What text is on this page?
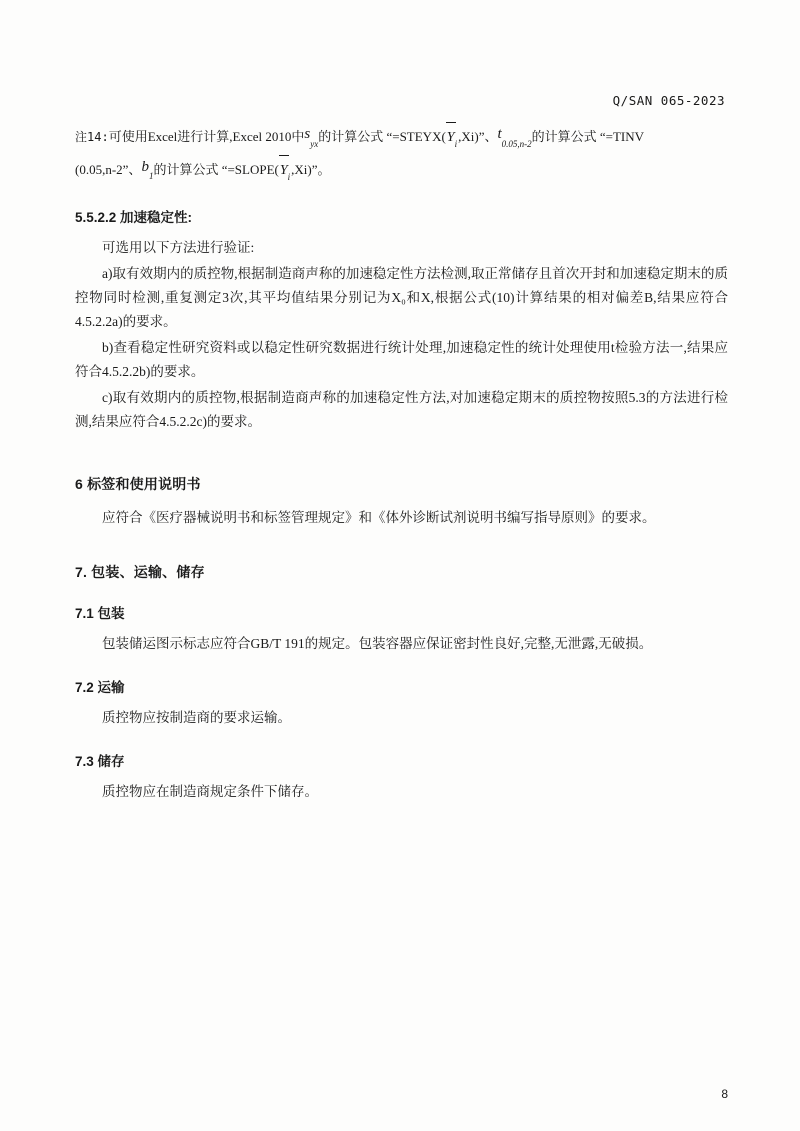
Q/SAN 065-2023
注14:可使用Excel进行计算,Excel 2010中$s_{yx}$的计算公式 “=STEYX(
$Y_i,Xi$)”、$t_{0.05,n-2}$的计算公式 “=TINV
(0.05,n-2”、$b_1$的计算公式 “=SLOPE(
$Y_i,Xi$)”。
5.5.2.2 加速稳定性:

可选用以下方法进行验证:

a)取有效期内的质控物,根据制造商声称的加速稳定性方法检测,取正常储存且首次开封和加速稳定期末的质控物同时检测,重复测定3次,其平均值结果分别记为X₀和X,根据公式(10)计算结果的相对偏差B,结果应符合4.5.2.2a)的要求。

b)查看稳定性研究资料或以稳定性研究数据进行统计处理,加速稳定性的统计处理使用t检验方法一,结果应符合4.5.2.2b)的要求。

c)取有效期内的质控物,根据制造商声称的加速稳定性方法,对加速稳定期末的质控物按照5.3的方法进行检测,结果应符合4.5.2.2c)的要求。

6 标签和使用说明书

应符合《医疗器械说明书和标签管理规定》和《体外诊断试剂说明书编写指导原则》的要求。

7. 包装、运输、储存
7.1 包装

包装储运图示标志应符合GB/T 191的规定。包装容器应保证密封性良好,完整,无泄露,无破损。

7.2 运输

质控物应按制造商的要求运输。

7.3 储存

质控物应在制造商规定条件下储存。

8
